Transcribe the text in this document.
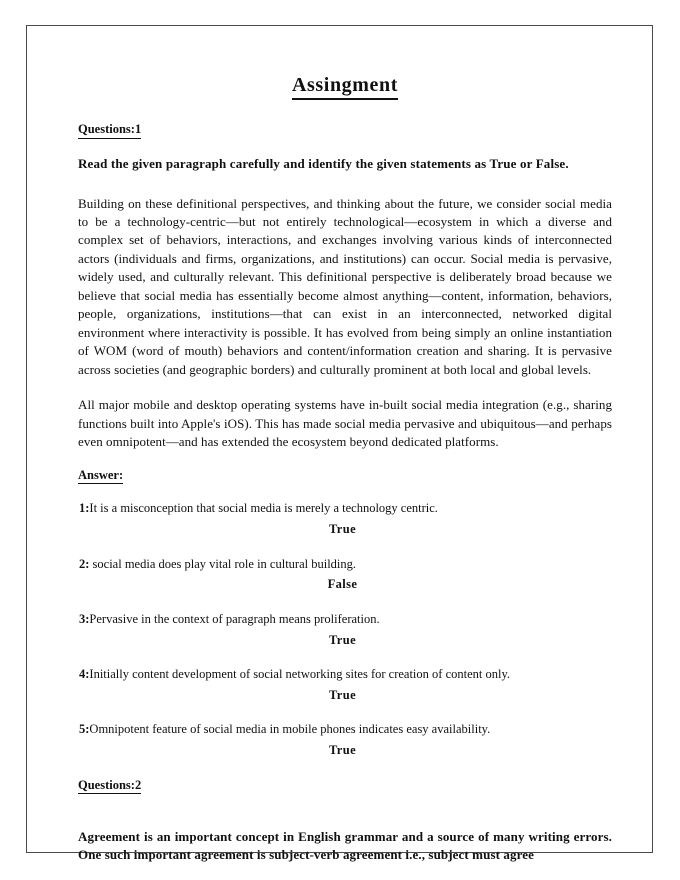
Assingment
Questions:1

Read the given paragraph carefully and identify the given statements as True or False.

Building on these definitional perspectives, and thinking about the future, we consider social media to be a technology-centric—but not entirely technological—ecosystem in which a diverse and complex set of behaviors, interactions, and exchanges involving various kinds of interconnected actors (individuals and firms, organizations, and institutions) can occur. Social media is pervasive, widely used, and culturally relevant. This definitional perspective is deliberately broad because we believe that social media has essentially become almost anything—content, information, behaviors, people, organizations, institutions—that can exist in an interconnected, networked digital environment where interactivity is possible. It has evolved from being simply an online instantiation of WOM (word of mouth) behaviors and content/information creation and sharing. It is pervasive across societies (and geographic borders) and culturally prominent at both local and global levels.

All major mobile and desktop operating systems have in-built social media integration (e.g., sharing functions built into Apple's iOS). This has made social media pervasive and ubiquitous—and perhaps even omnipotent—and has extended the ecosystem beyond dedicated platforms.

Answer:

1:It is a misconception that social media is merely a technology centric.

True

2: social media does play vital role in cultural building.

False

3:Pervasive in the context of paragraph means proliferation.

True

4:Initially content development of social networking sites for creation of content only.

True

5:Omnipotent feature of social media in mobile phones indicates easy availability.

True

Questions:2

Agreement is an important concept in English grammar and a source of many writing errors. One such important agreement is subject-verb agreement i.e., subject must agree
